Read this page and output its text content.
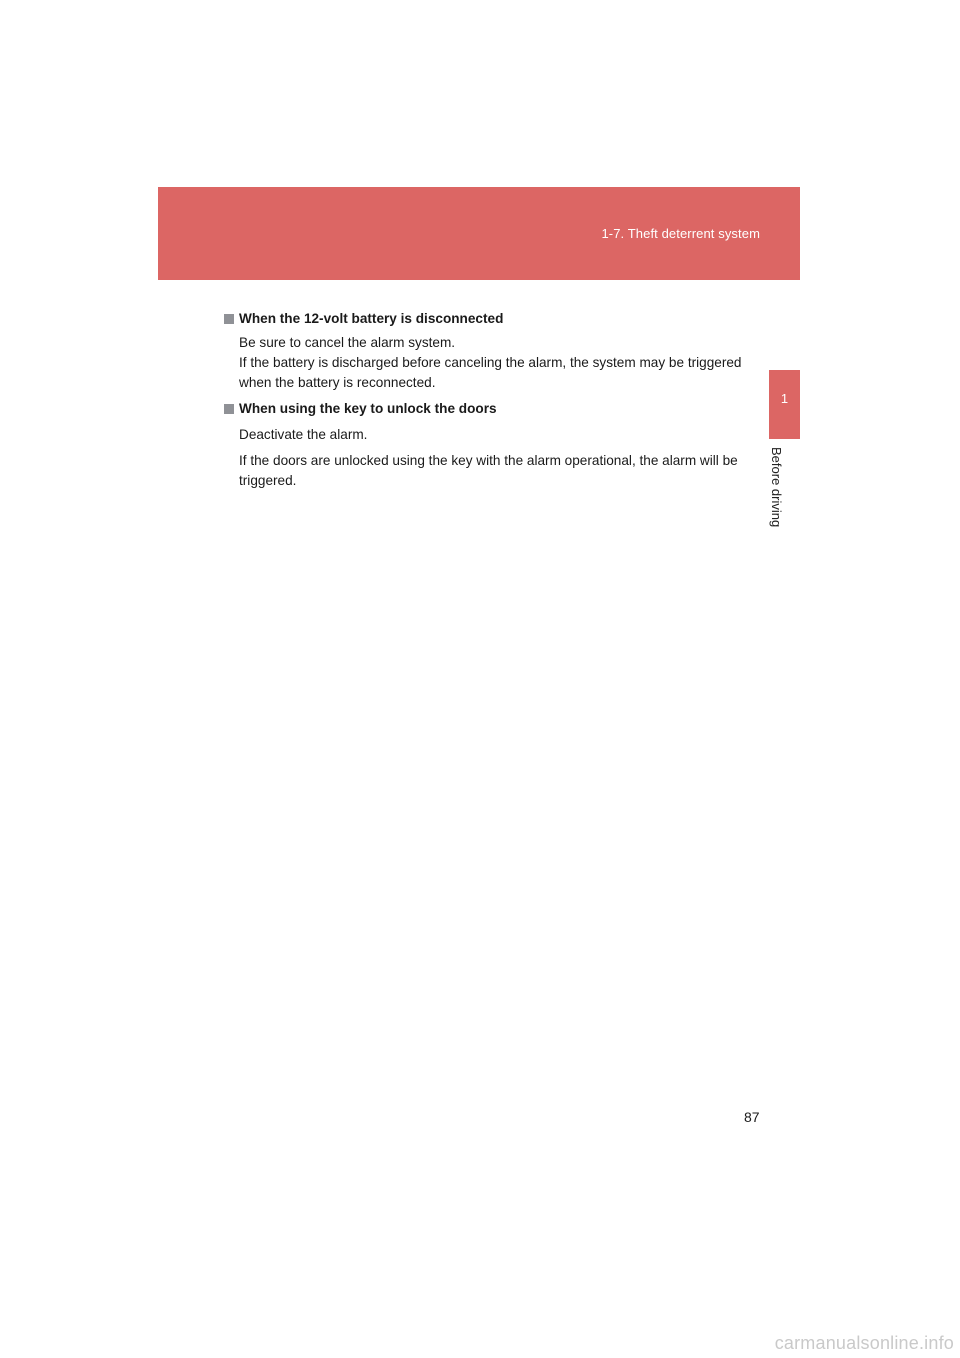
1-7. Theft deterrent system
1
Before driving
When the 12-volt battery is disconnected
Be sure to cancel the alarm system.
If the battery is discharged before canceling the alarm, the system may be triggered when the battery is reconnected.
When using the key to unlock the doors
Deactivate the alarm.
If the doors are unlocked using the key with the alarm operational, the alarm will be triggered.
87
carmanualsonline.info
